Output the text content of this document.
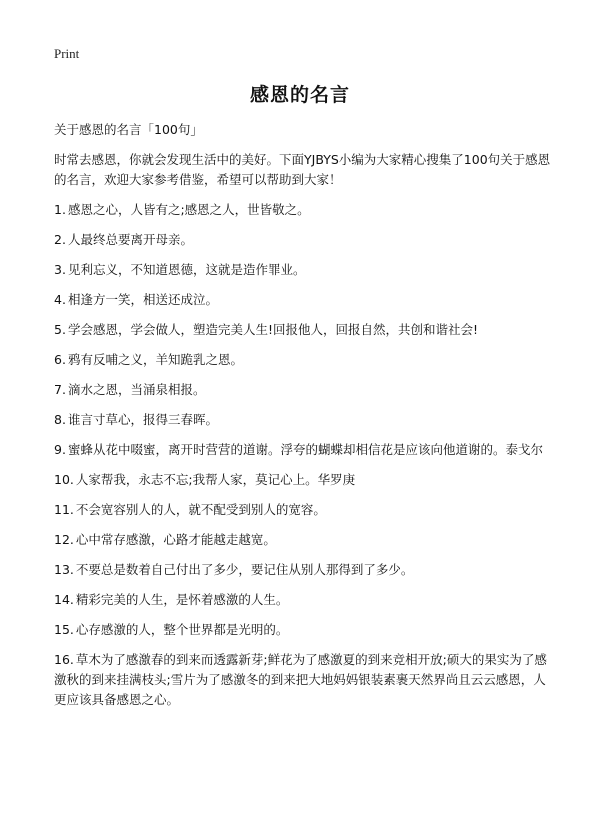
Print
感恩的名言

关于感恩的名言「100句」

时常去感恩，你就会发现生活中的美好。下面YJBYS小编为大家精心搜集了100句关于感恩的名言，欢迎大家参考借鉴，希望可以帮助到大家！

1. 感恩之心，人皆有之;感恩之人，世皆敬之。

2. 人最终总要离开母亲。

3. 见利忘义，不知道恩德，这就是造作罪业。

4. 相逢方一笑，相送还成泣。

5. 学会感恩，学会做人，塑造完美人生!回报他人，回报自然，共创和谐社会!

6. 鸦有反哺之义，羊知跪乳之恩。

7. 滴水之恩，当涌泉相报。

8. 谁言寸草心，报得三春晖。

9. 蜜蜂从花中啜蜜，离开时营营的道谢。浮夸的蝴蝶却相信花是应该向他道谢的。泰戈尔

10. 人家帮我，永志不忘;我帮人家，莫记心上。华罗庚

11. 不会宽容别人的人，就不配受到别人的宽容。

12. 心中常存感激，心路才能越走越宽。

13. 不要总是数着自己付出了多少，要记住从别人那得到了多少。

14. 精彩完美的人生，是怀着感激的人生。

15. 心存感激的人，整个世界都是光明的。

16. 草木为了感激春的到来而透露新芽;鲜花为了感激夏的到来竞相开放;硕大的果实为了感激秋的到来挂满枝头;雪片为了感激冬的到来把大地妈妈银装素裹天然界尚且云云感恩，人更应该具备感恩之心。
